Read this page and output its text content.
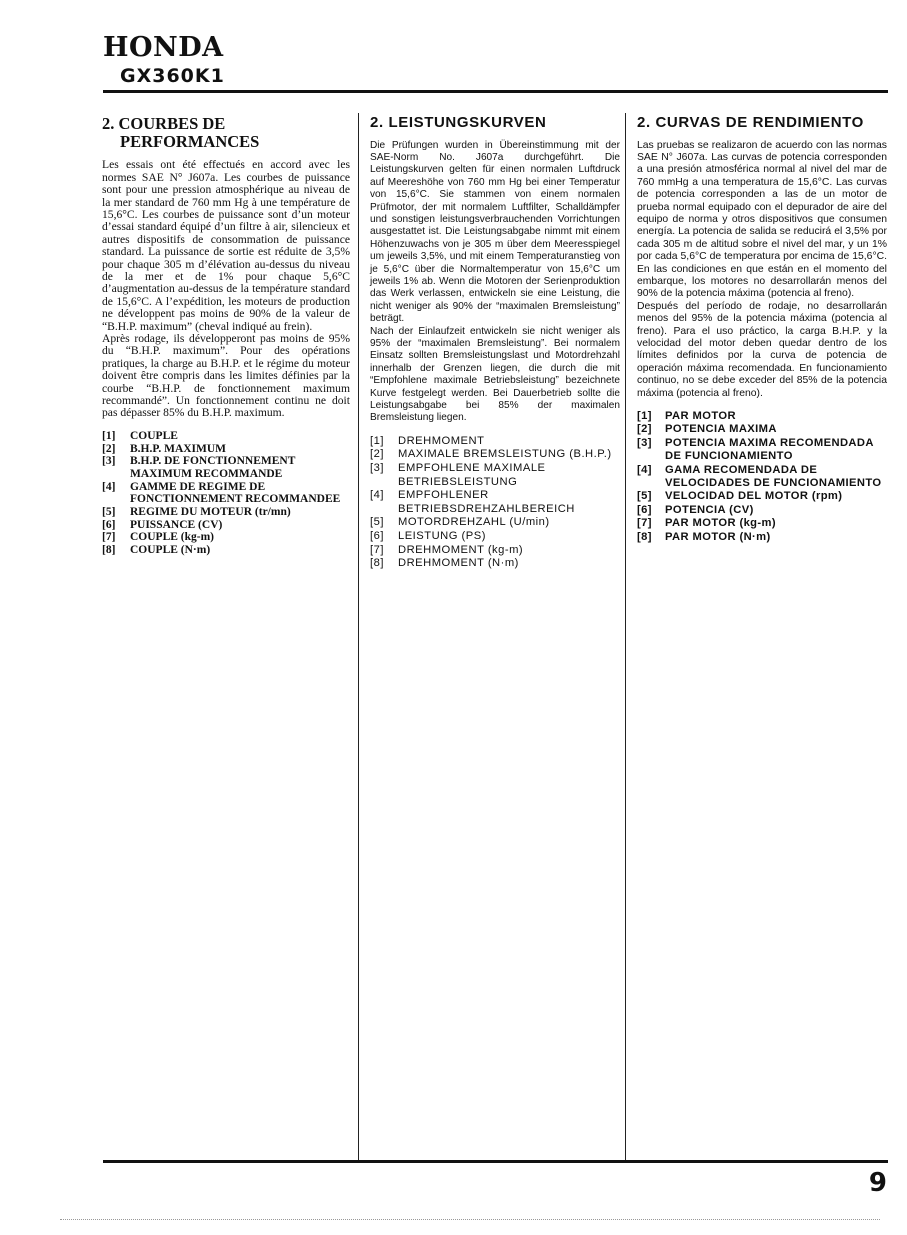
HONDA
GX360K1
2. COURBES DE
PERFORMANCES

Les essais ont été effectués en accord avec les normes SAE N° J607a. Les courbes de puissance sont pour une pression atmosphérique au niveau de la mer standard de 760 mm Hg à une température de 15,6°C. Les courbes de puissance sont d’un moteur d’essai standard équipé d’un filtre à air, silencieux et autres dispositifs de consommation de puissance standard. La puissance de sortie est réduite de 3,5% pour chaque 305 m d’élévation au-dessus du niveau de la mer et de 1% pour chaque 5,6°C d’augmentation au-dessus de la température standard de 15,6°C. A l’expédition, les moteurs de production ne développent pas moins de 90% de la valeur de “B.H.P. maximum” (cheval indiqué au frein).

Après rodage, ils développeront pas moins de 95% du “B.H.P. maximum”. Pour des opérations pratiques, la charge au B.H.P. et le régime du moteur doivent être compris dans les limites définies par la courbe “B.H.P. de fonctionnement maximum recommandé”. Un fonctionnement continu ne doit pas dépasser 85% du B.H.P. maximum.

[1]	COUPLE
[2]	B.H.P. MAXIMUM
[3]	B.H.P. DE FONCTIONNEMENT MAXIMUM RECOMMANDE
[4]	GAMME DE REGIME DE FONCTIONNEMENT RECOMMANDEE
[5]	REGIME DU MOTEUR (tr/mn)
[6]	PUISSANCE (CV)
[7]	COUPLE (kg-m)
[8]	COUPLE (N·m)
2. LEISTUNGSKURVEN

Die Prüfungen wurden in Übereinstimmung mit der SAE-Norm No. J607a durchgeführt. Die Leistungskurven gelten für einen normalen Luftdruck auf Meereshöhe von 760 mm Hg bei einer Temperatur von 15,6°C. Sie stammen von einem normalen Prüfmotor, der mit normalem Luftfilter, Schalldämpfer und sonstigen leistungsverbrauchenden Vorrichtungen ausgestattet ist. Die Leistungsabgabe nimmt mit einem Höhenzuwachs von je 305 m über dem Meeresspiegel um jeweils 3,5%, und mit einem Temperaturanstieg von je 5,6°C über die Normaltemperatur von 15,6°C um jeweils 1% ab. Wenn die Motoren der Serienproduktion das Werk verlassen, entwickeln sie eine Leistung, die nicht weniger als 90% der “maximalen Bremsleistung” beträgt.

Nach der Einlaufzeit entwickeln sie nicht weniger als 95% der “maximalen Bremsleistung”. Bei normalem Einsatz sollten Bremsleistungslast und Motordrehzahl innerhalb der Grenzen liegen, die durch die mit “Empfohlene maximale Betriebsleistung” bezeichnete Kurve festgelegt werden. Bei Dauerbetrieb sollte die Leistungsabgabe bei 85% der maximalen Bremsleistung liegen.

[1]	DREHMOMENT
[2]	MAXIMALE BREMSLEISTUNG (B.H.P.)
[3]	EMPFOHLENE MAXIMALE BETRIEBSLEISTUNG
[4]	EMPFOHLENER BETRIEBSDREHZAHLBEREICH
[5]	MOTORDREHZAHL (U/min)
[6]	LEISTUNG (PS)
[7]	DREHMOMENT (kg-m)
[8]	DREHMOMENT (N·m)
2. CURVAS DE RENDIMIENTO

Las pruebas se realizaron de acuerdo con las normas SAE N° J607a. Las curvas de potencia corresponden a una presión atmosférica normal al nivel del mar de 760 mmHg a una temperatura de 15,6°C. Las curvas de potencia corresponden a las de un motor de prueba normal equipado con el depurador de aire del equipo de norma y otros dispositivos que consumen energía. La potencia de salida se reducirá el 3,5% por cada 305 m de altitud sobre el nivel del mar, y un 1% por cada 5,6°C de temperatura por encima de 15,6°C. En las condiciones en que están en el momento del embarque, los motores no desarrollarán menos del 90% de la potencia máxima (potencia al freno).

Después del período de rodaje, no desarrollarán menos del 95% de la potencia máxima (potencia al freno). Para el uso práctico, la carga B.H.P. y la velocidad del motor deben quedar dentro de los límites definidos por la curva de potencia de operación máxima recomendada. En funcionamiento continuo, no se debe exceder del 85% de la potencia máxima (potencia al freno).

[1]	PAR MOTOR
[2]	POTENCIA MAXIMA
[3]	POTENCIA MAXIMA RECOMENDADA DE FUNCIONAMIENTO
[4]	GAMA RECOMENDADA DE VELOCIDADES DE FUNCIONAMIENTO
[5]	VELOCIDAD DEL MOTOR (rpm)
[6]	POTENCIA (CV)
[7]	PAR MOTOR (kg-m)
[8]	PAR MOTOR (N·m)
9
